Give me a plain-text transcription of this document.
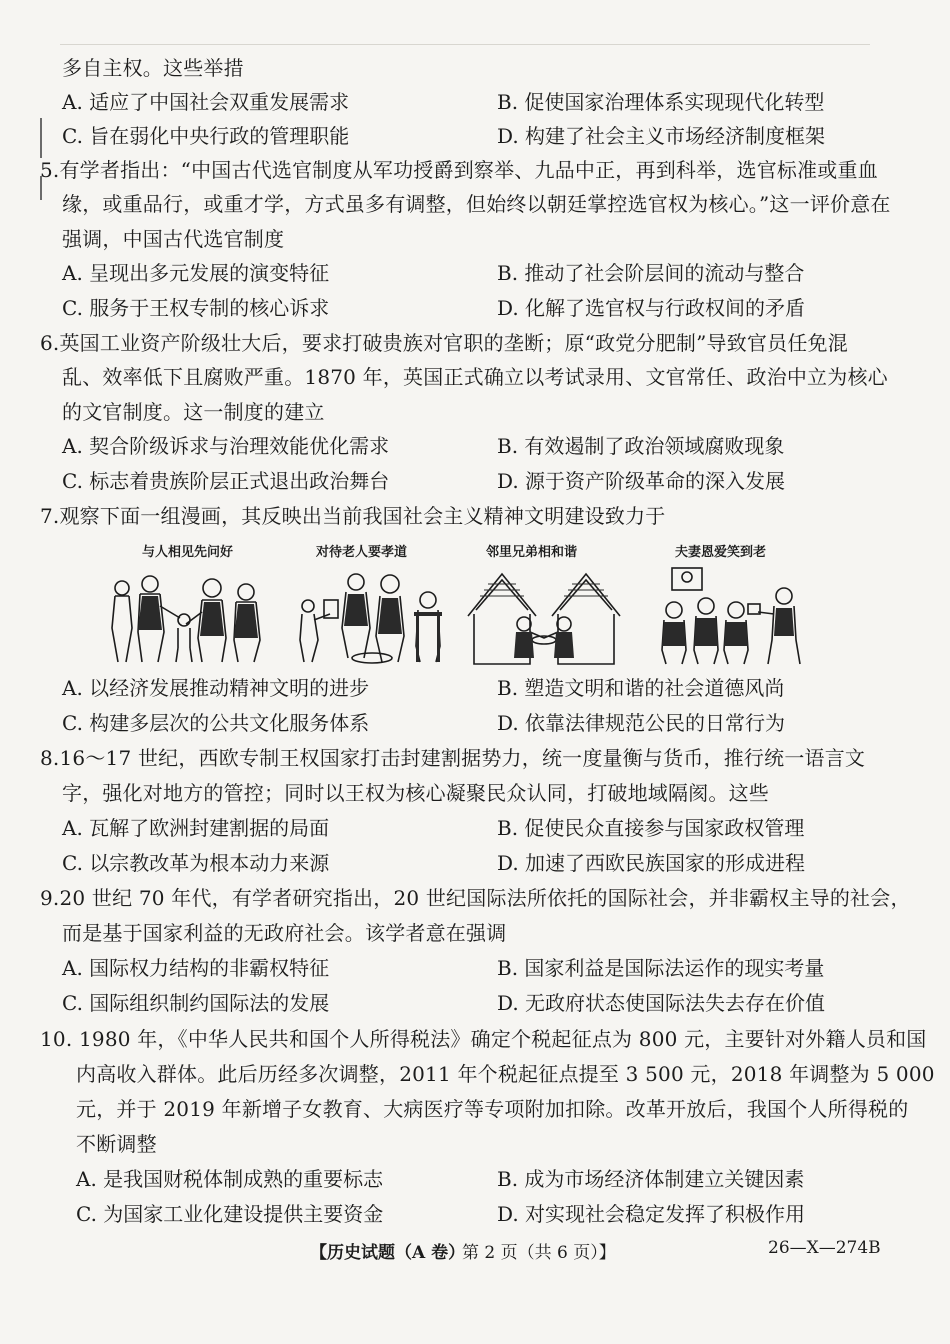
多自主权。这些举措
A. 适应了中国社会双重发展需求	B. 促使国家治理体系实现现代化转型
C. 旨在弱化中央行政的管理职能	D. 构建了社会主义市场经济制度框架
5.有学者指出：“中国古代选官制度从军功授爵到察举、九品中正，再到科举，选官标准或重血
缘，或重品行，或重才学，方式虽多有调整，但始终以朝廷掌控选官权为核心。”这一评价意在
强调，中国古代选官制度
A. 呈现出多元发展的演变特征	B. 推动了社会阶层间的流动与整合
C. 服务于王权专制的核心诉求	D. 化解了选官权与行政权间的矛盾
6.英国工业资产阶级壮大后，要求打破贵族对官职的垄断；原“政党分肥制”导致官员任免混
乱、效率低下且腐败严重。1870 年，英国正式确立以考试录用、文官常任、政治中立为核心
的文官制度。这一制度的建立
A. 契合阶级诉求与治理效能优化需求	B. 有效遏制了政治领域腐败现象
C. 标志着贵族阶层正式退出政治舞台	D. 源于资产阶级革命的深入发展
7.观察下面一组漫画，其反映出当前我国社会主义精神文明建设致力于
与人相见先问好	对待老人要孝道	邻里兄弟相和谐	夫妻恩爱笑到老
A. 以经济发展推动精神文明的进步	B. 塑造文明和谐的社会道德风尚
C. 构建多层次的公共文化服务体系	D. 依靠法律规范公民的日常行为
8.16～17 世纪，西欧专制王权国家打击封建割据势力，统一度量衡与货币，推行统一语言文
字，强化对地方的管控；同时以王权为核心凝聚民众认同，打破地域隔阂。这些
A. 瓦解了欧洲封建割据的局面	B. 促使民众直接参与国家政权管理
C. 以宗教改革为根本动力来源	D. 加速了西欧民族国家的形成进程
9.20 世纪 70 年代，有学者研究指出，20 世纪国际法所依托的国际社会，并非霸权主导的社会，
而是基于国家利益的无政府社会。该学者意在强调
A. 国际权力结构的非霸权特征	B. 国家利益是国际法运作的现实考量
C. 国际组织制约国际法的发展	D. 无政府状态使国际法失去存在价值
10. 1980 年，《中华人民共和国个人所得税法》确定个税起征点为 800 元，主要针对外籍人员和国
内高收入群体。此后历经多次调整，2011 年个税起征点提至 3 500 元，2018 年调整为 5 000
元，并于 2019 年新增子女教育、大病医疗等专项附加扣除。改革开放后，我国个人所得税的
不断调整
A. 是我国财税体制成熟的重要标志	B. 成为市场经济体制建立关键因素
C. 为国家工业化建设提供主要资金	D. 对实现社会稳定发挥了积极作用
【历史试题（A 卷）
第 2 页（共 6 页）】	26—X—274B
